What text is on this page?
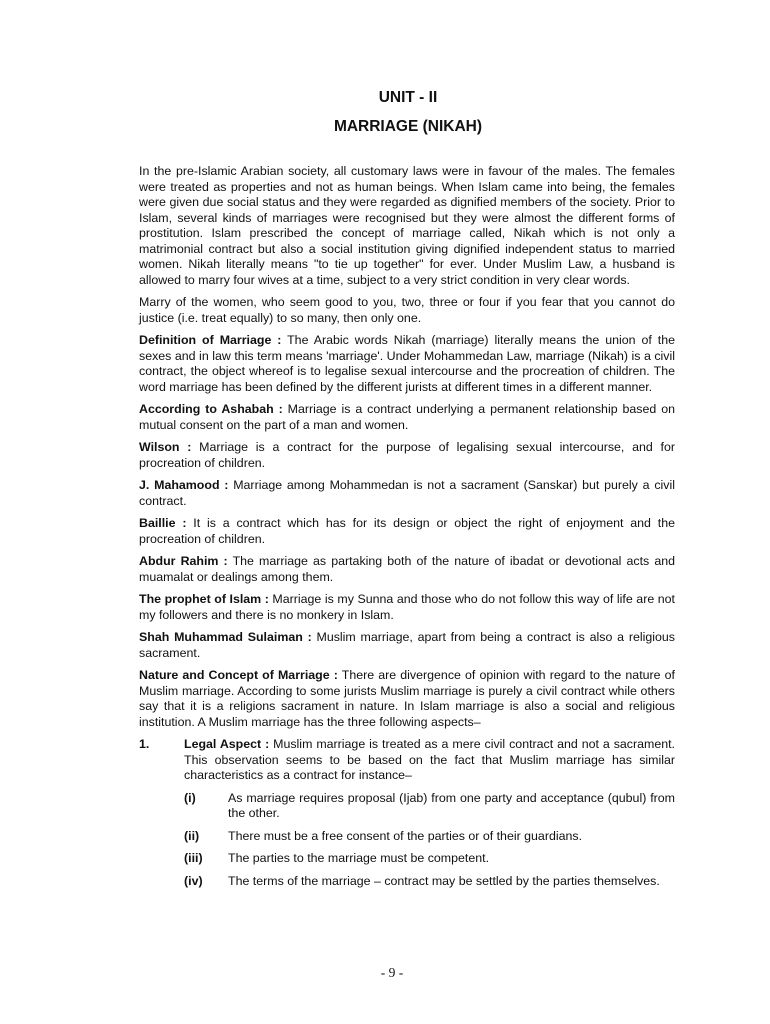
UNIT - II
MARRIAGE (NIKAH)

In the pre-Islamic Arabian society, all customary laws were in favour of the males. The females were treated as properties and not as human beings. When Islam came into being, the females were given due social status and they were regarded as dignified members of the society. Prior to Islam, several kinds of marriages were recognised but they were almost the different forms of prostitution. Islam prescribed the concept of marriage called, Nikah which is not only a matrimonial contract but also a social institution giving dignified independent status to married women. Nikah literally means "to tie up together" for ever. Under Muslim Law, a husband is allowed to marry four wives at a time, subject to a very strict condition in very clear words.

Marry of the women, who seem good to you, two, three or four if you fear that you cannot do justice (i.e. treat equally) to so many, then only one.

Definition of Marriage : The Arabic words Nikah (marriage) literally means the union of the sexes and in law this term means 'marriage'. Under Mohammedan Law, marriage (Nikah) is a civil contract, the object whereof is to legalise sexual intercourse and the procreation of children. The word marriage has been defined by the different jurists at different times in a different manner.

According to Ashabah : Marriage is a contract underlying a permanent relationship based on mutual consent on the part of a man and women.

Wilson : Marriage is a contract for the purpose of legalising sexual intercourse, and for procreation of children.

J. Mahamood : Marriage among Mohammedan is not a sacrament (Sanskar) but purely a civil contract.

Baillie : It is a contract which has for its design or object the right of enjoyment and the procreation of children.

Abdur Rahim : The marriage as partaking both of the nature of ibadat or devotional acts and muamalat or dealings among them.

The prophet of Islam : Marriage is my Sunna and those who do not follow this way of life are not my followers and there is no monkery in Islam.

Shah Muhammad Sulaiman : Muslim marriage, apart from being a contract is also a religious sacrament.

Nature and Concept of Marriage : There are divergence of opinion with regard to the nature of Muslim marriage. According to some jurists Muslim marriage is purely a civil contract while others say that it is a religions sacrament in nature. In Islam marriage is also a social and religious institution. A Muslim marriage has the three following aspects–

1.	Legal Aspect : Muslim marriage is treated as a mere civil contract and not a sacrament. This observation seems to be based on the fact that Muslim marriage has similar characteristics as a contract for instance–
(i)	As marriage requires proposal (Ijab) from one party and acceptance (qubul) from the other.
(ii)	There must be a free consent of the parties or of their guardians.
(iii)	The parties to the marriage must be competent.
(iv)	The terms of the marriage – contract may be settled by the parties themselves.
- 9 -
